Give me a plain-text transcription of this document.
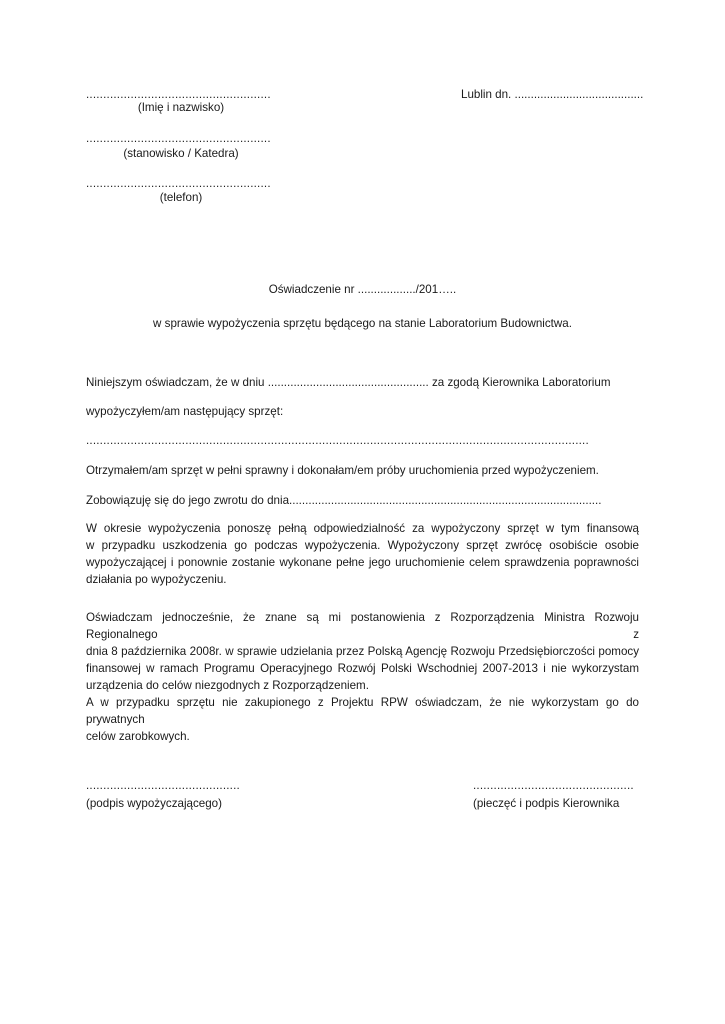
......................................................
(Imię i nazwisko)
......................................................
(stanowisko / Katedra)
......................................................
(telefon)
Lublin dn. ........................................
Oświadczenie nr ................../201…..
w sprawie wypożyczenia sprzętu będącego na stanie Laboratorium Budownictwa.
Niniejszym oświadczam, że w dniu .................................................. za zgodą Kierownika Laboratorium
wypożyczyłem/am następujący sprzęt:
...................................................................................................................................................
Otrzymałem/am sprzęt w pełni sprawny i dokonałam/em próby uruchomienia przed wypożyczeniem.
Zobowiązuję się do jego zwrotu do dnia.................................................................................................
W okresie wypożyczenia ponoszę pełną odpowiedzialność za wypożyczony sprzęt w tym finansową
w przypadku uszkodzenia go podczas wypożyczenia. Wypożyczony sprzęt zwrócę osobiście osobie
wypożyczającej i ponownie zostanie wykonane pełne jego uruchomienie celem sprawdzenia poprawności
działania po wypożyczeniu.
Oświadczam jednocześnie, że znane są mi postanowienia z Rozporządzenia Ministra Rozwoju Regionalnego z
dnia 8 października 2008r. w sprawie udzielania przez Polską Agencję Rozwoju Przedsiębiorczości pomocy
finansowej w ramach Programu Operacyjnego Rozwój Polski Wschodniej 2007-2013 i nie wykorzystam
urządzenia do celów niezgodnych z Rozporządzeniem.
A w przypadku sprzętu nie zakupionego z Projektu RPW oświadczam, że nie wykorzystam go do prywatnych
celów zarobkowych.
.............................................
(podpis wypożyczającego)
...............................................
(pieczęć i podpis Kierownika
